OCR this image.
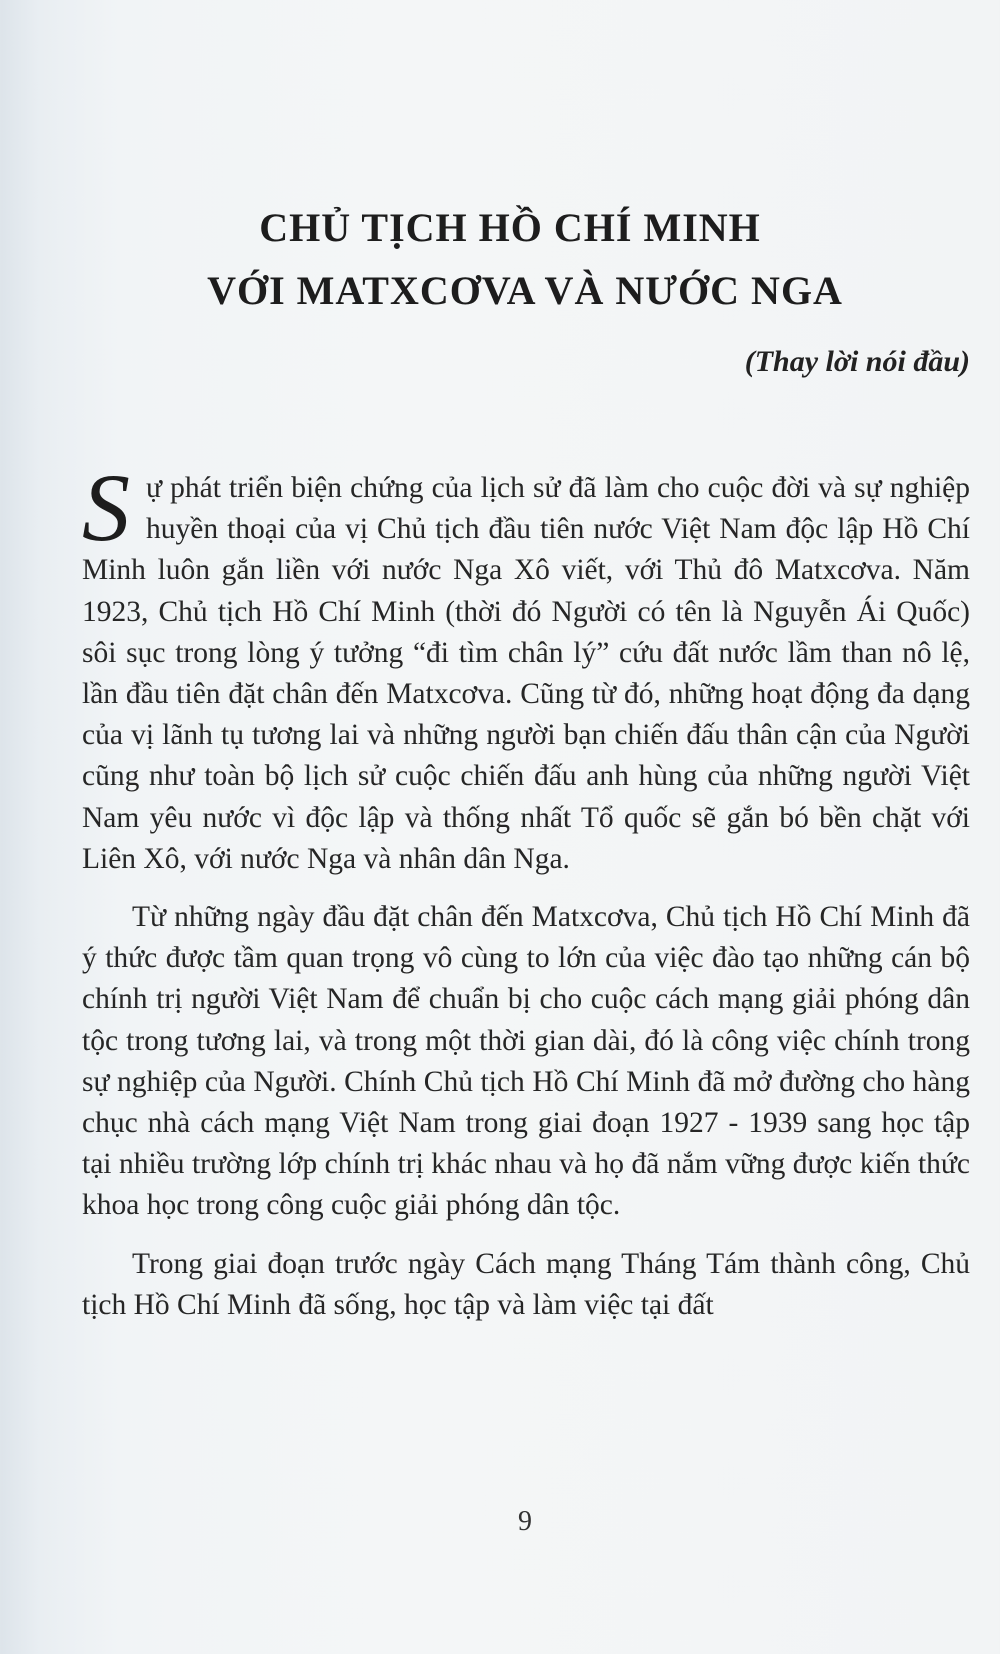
CHỦ TỊCH HỒ CHÍ MINH
VỚI MATXCƠVA VÀ NƯỚC NGA
(Thay lời nói đầu)

Sự phát triển biện chứng của lịch sử đã làm cho cuộc đời và sự nghiệp huyền thoại của vị Chủ tịch đầu tiên nước Việt Nam độc lập Hồ Chí Minh luôn gắn liền với nước Nga Xô viết, với Thủ đô Matxcơva. Năm 1923, Chủ tịch Hồ Chí Minh (thời đó Người có tên là Nguyễn Ái Quốc) sôi sục trong lòng ý tưởng “đi tìm chân lý” cứu đất nước lầm than nô lệ, lần đầu tiên đặt chân đến Matxcơva. Cũng từ đó, những hoạt động đa dạng của vị lãnh tụ tương lai và những người bạn chiến đấu thân cận của Người cũng như toàn bộ lịch sử cuộc chiến đấu anh hùng của những người Việt Nam yêu nước vì độc lập và thống nhất Tổ quốc sẽ gắn bó bền chặt với Liên Xô, với nước Nga và nhân dân Nga.

Từ những ngày đầu đặt chân đến Matxcơva, Chủ tịch Hồ Chí Minh đã ý thức được tầm quan trọng vô cùng to lớn của việc đào tạo những cán bộ chính trị người Việt Nam để chuẩn bị cho cuộc cách mạng giải phóng dân tộc trong tương lai, và trong một thời gian dài, đó là công việc chính trong sự nghiệp của Người. Chính Chủ tịch Hồ Chí Minh đã mở đường cho hàng chục nhà cách mạng Việt Nam trong giai đoạn 1927 - 1939 sang học tập tại nhiều trường lớp chính trị khác nhau và họ đã nắm vững được kiến thức khoa học trong công cuộc giải phóng dân tộc.

Trong giai đoạn trước ngày Cách mạng Tháng Tám thành công, Chủ tịch Hồ Chí Minh đã sống, học tập và làm việc tại đất

9
